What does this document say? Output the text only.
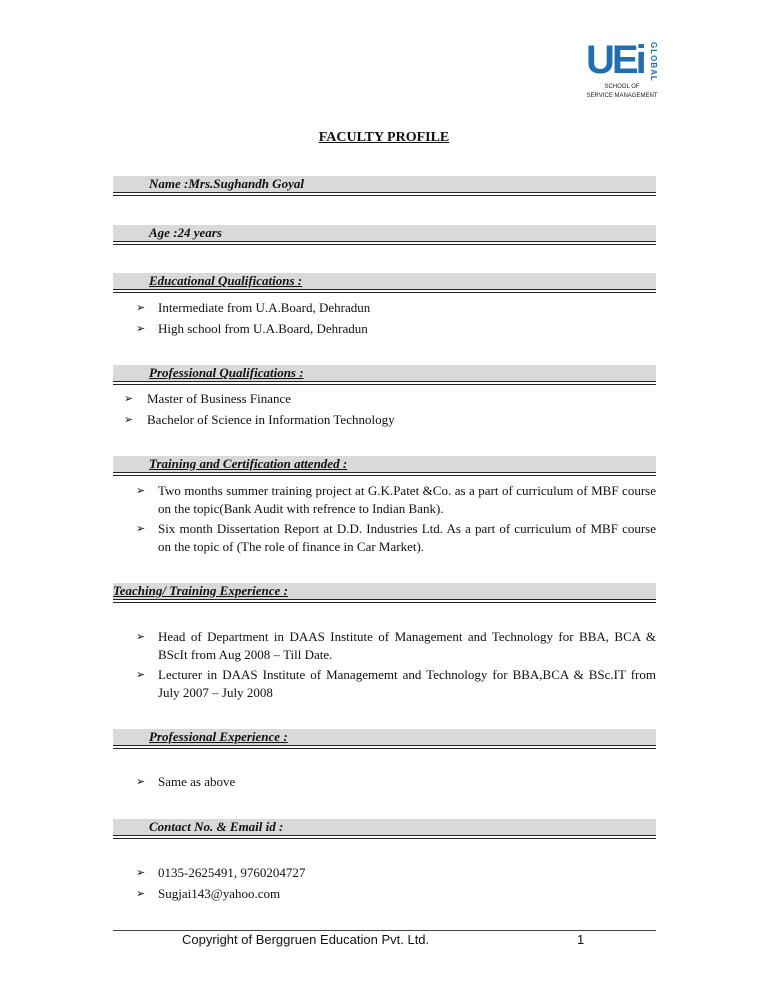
UEi GLOBAL
SCHOOL OF
SERVICE MANAGEMENT
FACULTY PROFILE
Name :Mrs.Sughandh Goyal
Age :24 years
Educational Qualifications :
➢ Intermediate from U.A.Board, Dehradun
➢ High school from U.A.Board, Dehradun
Professional Qualifications :
➢ Master of Business Finance
➢ Bachelor of Science in Information Technology
Training and Certification attended :
➢ Two months summer training project at G.K.Patet &Co. as a part of curriculum of MBF course on the topic(Bank Audit with refrence to Indian Bank).
➢ Six month Dissertation Report at D.D. Industries Ltd. As a part of curriculum of MBF course on the topic of (The role of finance in Car Market).
Teaching/ Training Experience :
➢ Head of Department in DAAS Institute of Management and Technology for BBA, BCA & BScIt from Aug 2008 – Till Date.
➢ Lecturer in DAAS Institute of Managememt and Technology for BBA,BCA & BSc.IT from July 2007 – July 2008
Professional Experience :
➢ Same as above
Contact No. & Email id :
➢ 0135-2625491, 9760204727
➢ Sugjai143@yahoo.com
Copyright of Berggruen Education Pvt. Ltd.	1
